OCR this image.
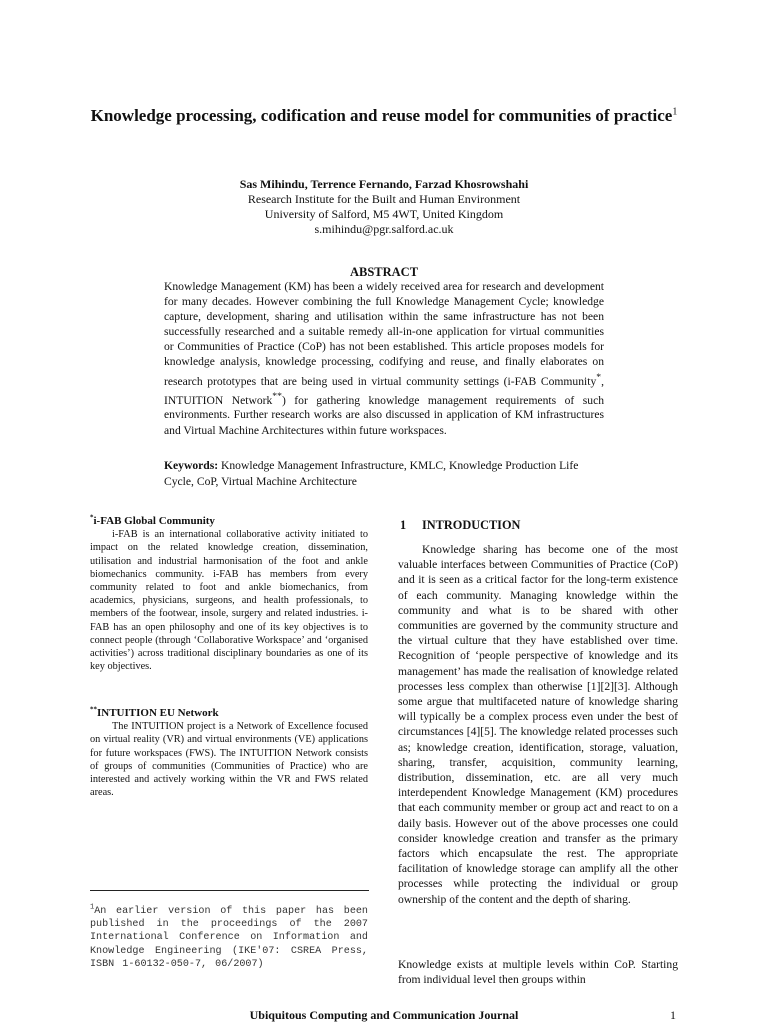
Knowledge processing, codification and reuse model for communities of practice$^1$
Sas Mihindu, Terrence Fernando, Farzad Khosrowshahi
Research Institute for the Built and Human Environment
University of Salford, M5 4WT, United Kingdom
s.mihindu@pgr.salford.ac.uk
ABSTRACT
Knowledge Management (KM) has been a widely received area for research and development for many decades. However combining the full Knowledge Management Cycle; knowledge capture, development, sharing and utilisation within the same infrastructure has not been successfully researched and a suitable remedy all-in-one application for virtual communities or Communities of Practice (CoP) has not been established. This article proposes models for knowledge analysis, knowledge processing, codifying and reuse, and finally elaborates on research prototypes that are being used in virtual community settings (i-FAB Community*, INTUITION Network**) for gathering knowledge management requirements of such environments. Further research works are also discussed in application of KM infrastructures and Virtual Machine Architectures within future workspaces.
Keywords: Knowledge Management Infrastructure, KMLC, Knowledge Production Life Cycle, CoP, Virtual Machine Architecture
*i-FAB Global Community

i-FAB is an international collaborative activity initiated to impact on the related knowledge creation, dissemination, utilisation and industrial harmonisation of the foot and ankle biomechanics community. i-FAB has members from every community related to foot and ankle biomechanics, from academics, physicians, surgeons, and health professionals, to members of the footwear, insole, surgery and related industries. i-FAB has an open philosophy and one of its key objectives is to connect people (through ‘Collaborative Workspace’ and ‘organised activities’) across traditional disciplinary boundaries as one of its key objectives.

**INTUITION EU Network

The INTUITION project is a Network of Excellence focused on virtual reality (VR) and virtual environments (VE) applications for future workspaces (FWS). The INTUITION Network consists of groups of communities (Communities of Practice) who are interested and actively working within the VR and FWS related areas.

$^1$An earlier version of this paper has been published in the proceedings of the 2007 International Conference on Information and Knowledge Engineering (IKE'07: CSREA Press, ISBN 1-60132-050-7, 06/2007)
1 INTRODUCTION

Knowledge sharing has become one of the most valuable interfaces between Communities of Practice (CoP) and it is seen as a critical factor for the long-term existence of each community. Managing knowledge within the community and what is to be shared with other communities are governed by the community structure and the virtual culture that they have established over time. Recognition of ‘people perspective of knowledge and its management’ has made the realisation of knowledge related processes less complex than otherwise [1][2][3]. Although some argue that multifaceted nature of knowledge sharing will typically be a complex process even under the best of circumstances [4][5]. The knowledge related processes such as; knowledge creation, identification, storage, valuation, sharing, transfer, acquisition, community learning, distribution, dissemination, etc. are all very much interdependent Knowledge Management (KM) procedures that each community member or group act and react to on a daily basis. However out of the above processes one could consider knowledge creation and transfer as the primary factors which encapsulate the rest. The appropriate facilitation of knowledge storage can amplify all the other processes while protecting the individual or group ownership of the content and the depth of sharing.

Knowledge exists at multiple levels within CoP. Starting from individual level then groups within

Ubiquitous Computing and Communication Journal	1
